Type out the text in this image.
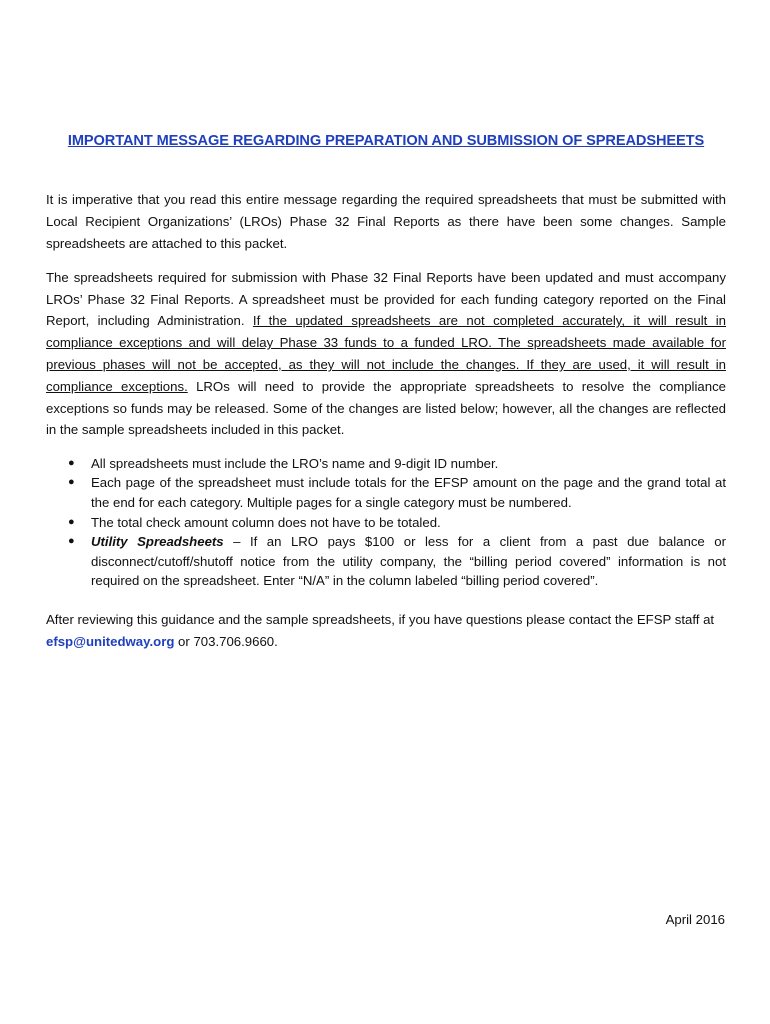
IMPORTANT MESSAGE REGARDING PREPARATION AND SUBMISSION OF SPREADSHEETS

It is imperative that you read this entire message regarding the required spreadsheets that must be submitted with Local Recipient Organizations’ (LROs) Phase 32 Final Reports as there have been some changes. Sample spreadsheets are attached to this packet.

The spreadsheets required for submission with Phase 32 Final Reports have been updated and must accompany LROs’ Phase 32 Final Reports. A spreadsheet must be provided for each funding category reported on the Final Report, including Administration. If the updated spreadsheets are not completed accurately, it will result in compliance exceptions and will delay Phase 33 funds to a funded LRO. The spreadsheets made available for previous phases will not be accepted, as they will not include the changes. If they are used, it will result in compliance exceptions. LROs will need to provide the appropriate spreadsheets to resolve the compliance exceptions so funds may be released. Some of the changes are listed below; however, all the changes are reflected in the sample spreadsheets included in this packet.

● All spreadsheets must include the LRO’s name and 9-digit ID number.
● Each page of the spreadsheet must include totals for the EFSP amount on the page and the grand total at the end for each category. Multiple pages for a single category must be numbered.
● The total check amount column does not have to be totaled.
● Utility Spreadsheets – If an LRO pays $100 or less for a client from a past due balance or disconnect/cutoff/shutoff notice from the utility company, the “billing period covered” information is not required on the spreadsheet. Enter “N/A” in the column labeled “billing period covered”.

After reviewing this guidance and the sample spreadsheets, if you have questions please contact the EFSP staff at efsp@unitedway.org or 703.706.9660.

April 2016
